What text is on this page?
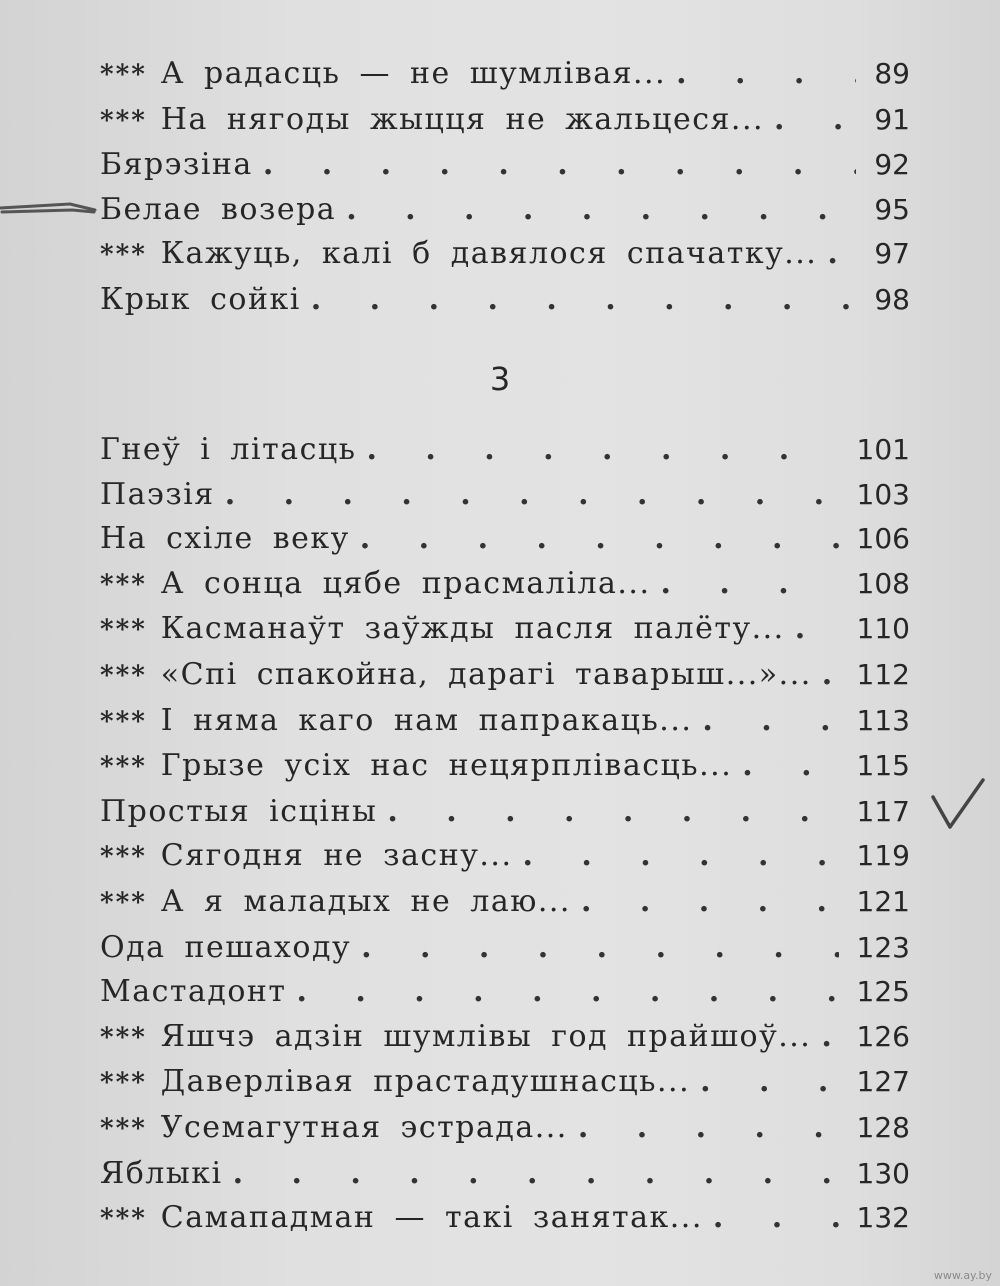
*** А радасць — не шумлівая... . . .	89
*** На нягоды жыцця не жальцеся... . . .	91
Бярэзіна . . .	92
Белае возера . . .	95
*** Кажуць, калі б давялося спачатку... . . . 97
Крык сойкі . . .	98
3
Гнеў і літасць . . .	101
Паэзія . . .	103
На схіле веку . . .	106
*** А сонца цябе прасмаліла... . . .	108
*** Касманаўт заўжды пасля палёту... . . .	110
*** «Спі спакойна, дарагі таварыш...»... . . . 112
*** І няма каго нам папракаць... . . .	113
*** Грызе усіх нас нецярплівасць... . . .	115
Простыя ісціны . . .	117
*** Сягодня не засну... . . .	119
*** А я маладых не лаю... . . .	121
Ода пешаходу . . .	123
Мастадонт . . .	125
*** Яшчэ адзін шумлівы год прайшоў... . . . 126
*** Даверлівая прастадушнасць... . . .	127
*** Усемагутная эстрада... . . .	128
Яблыкі . . .	130
*** Самападман — такі занятак... . . .	132
www.ay.by
